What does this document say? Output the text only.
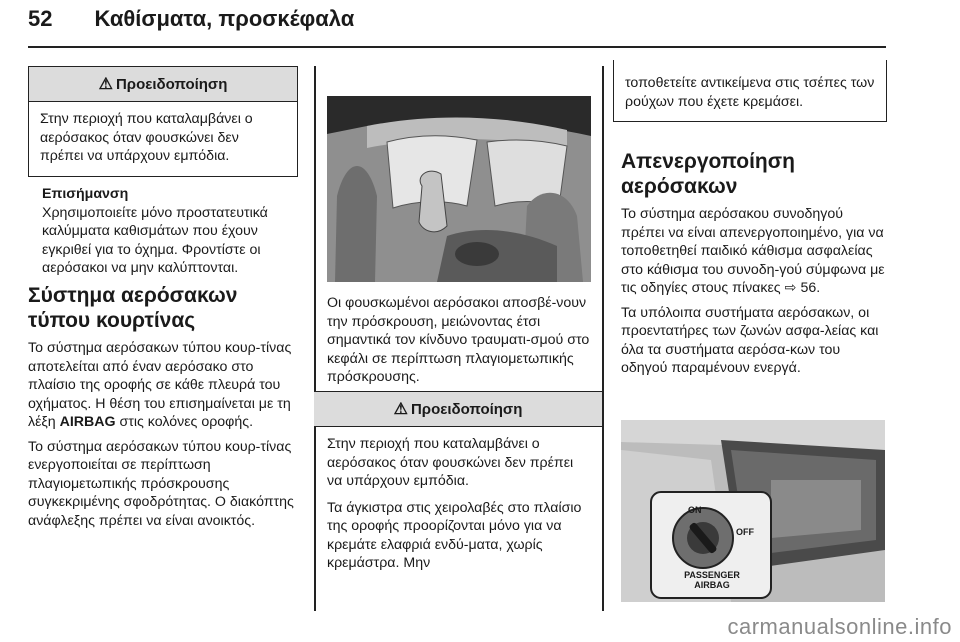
52 Καθίσματα, προσκέφαλα
⚠ Προειδοποίηση

Στην περιοχή που καταλαμβάνει ο αερόσακος όταν φουσκώνει δεν πρέπει να υπάρχουν εμπόδια.

Επισήμανση

Χρησιμοποιείτε μόνο προστατευτικά καλύμματα καθισμάτων που έχουν εγκριθεί για το όχημα. Φροντίστε οι αερόσακοι να μην καλύπτονται.

Σύστημα αερόσακων τύπου κουρτίνας

Το σύστημα αερόσακων τύπου κουρ-τίνας αποτελείται από έναν αερόσακο στο πλαίσιο της οροφής σε κάθε πλευρά του οχήματος. Η θέση του επισημαίνεται με τη λέξη AIRBAG στις κολόνες οροφής.

Το σύστημα αερόσακων τύπου κουρ-τίνας ενεργοποιείται σε περίπτωση πλαγιομετωπικής πρόσκρουσης συγκεκριμένης σφοδρότητας. Ο διακόπτης ανάφλεξης πρέπει να είναι ανοικτός.

Οι φουσκωμένοι αερόσακοι αποσβέ-νουν την πρόσκρουση, μειώνοντας έτσι σημαντικά τον κίνδυνο τραυματι-σμού στο κεφάλι σε περίπτωση πλαγιομετωπικής πρόσκρουσης.

⚠ Προειδοποίηση

Στην περιοχή που καταλαμβάνει ο αερόσακος όταν φουσκώνει δεν πρέπει να υπάρχουν εμπόδια.

Τα άγκιστρα στις χειρολαβές στο πλαίσιο της οροφής προορίζονται μόνο για να κρεμάτε ελαφριά ενδύ-ματα, χωρίς κρεμάστρα. Μην

τοποθετείτε αντικείμενα στις τσέπες των ρούχων που έχετε κρεμάσει.

Απενεργοποίηση αερόσακων

Το σύστημα αερόσακου συνοδηγού πρέπει να είναι απενεργοποιημένο, για να τοποθετηθεί παιδικό κάθισμα ασφαλείας στο κάθισμα του συνοδη-γού σύμφωνα με τις οδηγίες στους πίνακες ⇨ 56.

Τα υπόλοιπα συστήματα αερόσακων, οι προεντατήρες των ζωνών ασφα-λείας και όλα τα συστήματα αερόσα-κων του οδηγού παραμένουν ενεργά.

ON
OFF
PASSENGER
AIRBAG
carmanualsonline.info
